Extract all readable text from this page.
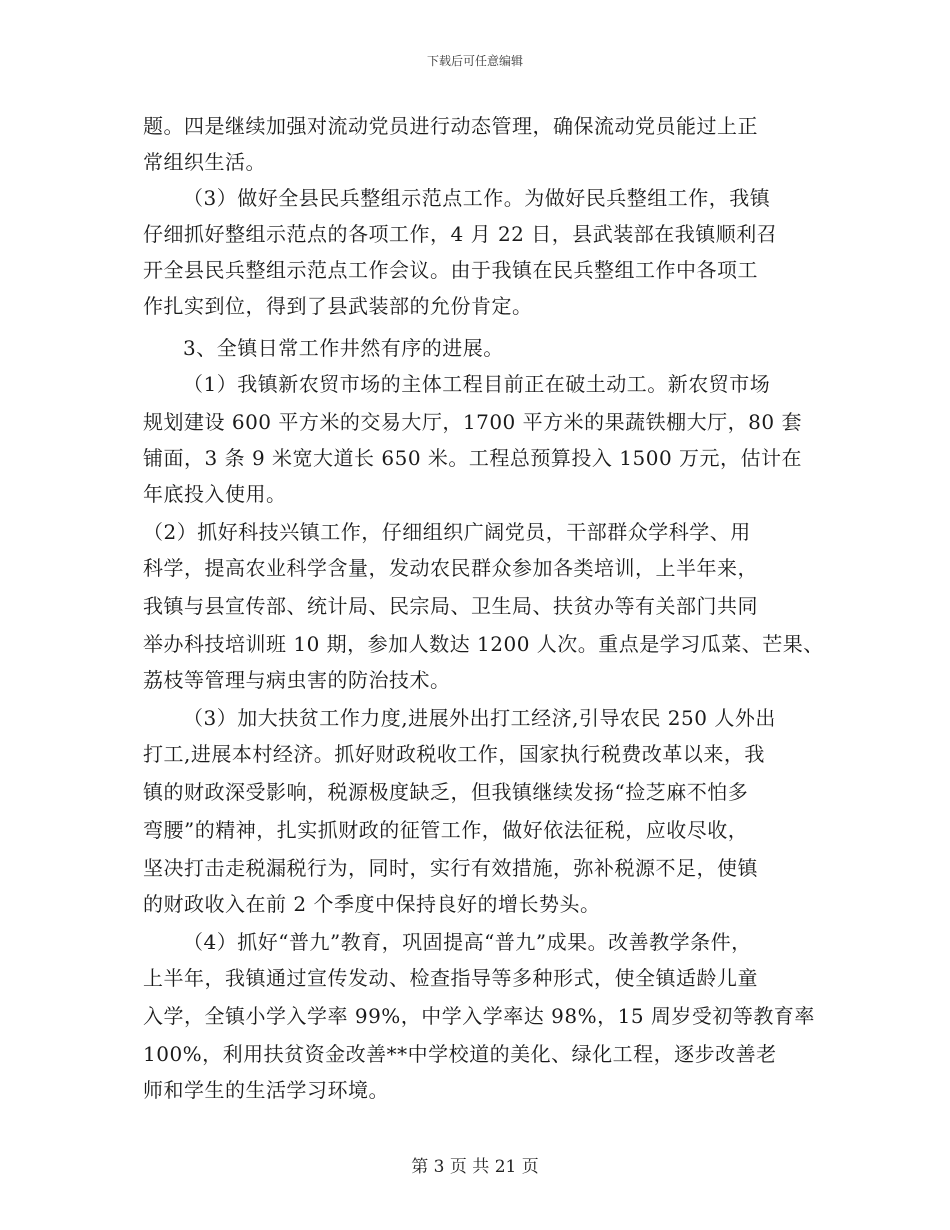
下载后可任意编辑
题。四是继续加强对流动党员进行动态管理，确保流动党员能过上正
常组织生活。
（3）做好全县民兵整组示范点工作。为做好民兵整组工作，我镇
仔细抓好整组示范点的各项工作，4 月 22 日，县武装部在我镇顺利召
开全县民兵整组示范点工作会议。由于我镇在民兵整组工作中各项工
作扎实到位，得到了县武装部的允份肯定。
3、全镇日常工作井然有序的进展。
（1）我镇新农贸市场的主体工程目前正在破土动工。新农贸市场
规划建设 600 平方米的交易大厅，1700 平方米的果蔬铁棚大厅，80 套
铺面，3 条 9 米宽大道长 650 米。工程总预算投入 1500 万元，估计在
年底投入使用。
（2）抓好科技兴镇工作，仔细组织广阔党员，干部群众学科学、用
科学，提高农业科学含量，发动农民群众参加各类培训，上半年来，
我镇与县宣传部、统计局、民宗局、卫生局、扶贫办等有关部门共同
举办科技培训班 10 期，参加人数达 1200 人次。重点是学习瓜菜、芒果、
荔枝等管理与病虫害的防治技术。
（3）加大扶贫工作力度,进展外出打工经济,引导农民 250 人外出
打工,进展本村经济。抓好财政税收工作，国家执行税费改革以来，我
镇的财政深受影响，税源极度缺乏，但我镇继续发扬“捡芝麻不怕多
弯腰”的精神，扎实抓财政的征管工作，做好依法征税，应收尽收，
坚决打击走税漏税行为，同时，实行有效措施，弥补税源不足，使镇
的财政收入在前 2 个季度中保持良好的增长势头。
（4）抓好“普九”教育，巩固提高“普九”成果。改善教学条件，
上半年，我镇通过宣传发动、检查指导等多种形式，使全镇适龄儿童
入学，全镇小学入学率 99%，中学入学率达 98%，15 周岁受初等教育率
100%，利用扶贫资金改善**中学校道的美化、绿化工程，逐步改善老
师和学生的生活学习环境。
第 3 页 共 21 页
